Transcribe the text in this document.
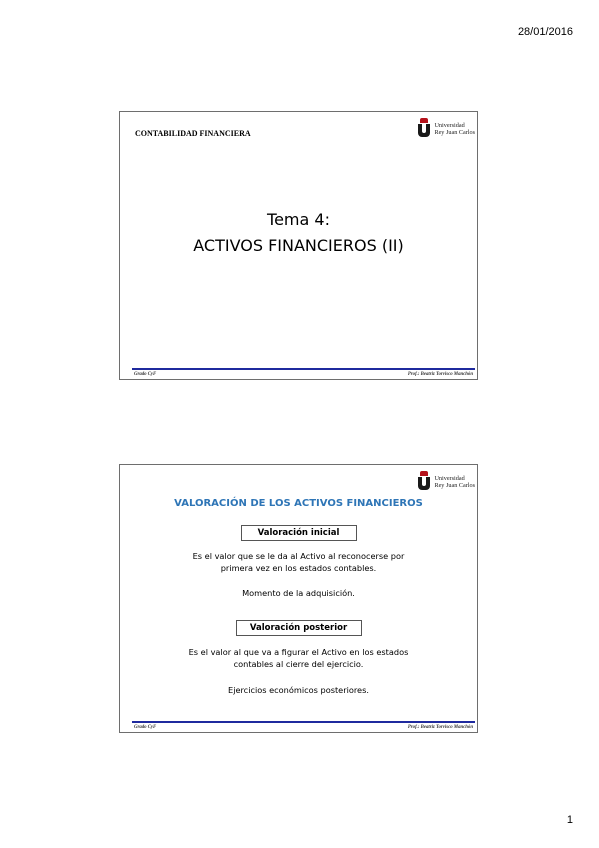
28/01/2016
CONTABILIDAD FINANCIERA
Universidad
Rey Juan Carlos
Tema 4:
ACTIVOS FINANCIEROS (II)
Grado CyF	Prof.: Beatriz Torvisco Manchón
Universidad
Rey Juan Carlos
VALORACIÓN DE LOS ACTIVOS FINANCIEROS
Valoración inicial
Es el valor que se le da al Activo al reconocerse por
primera vez en los estados contables.
Momento de la adquisición.
Valoración posterior
Es el valor al que va a figurar el Activo en los estados
contables al cierre del ejercicio.
Ejercicios económicos posteriores.
Grado CyF	Prof.: Beatriz Torvisco Manchón
1
